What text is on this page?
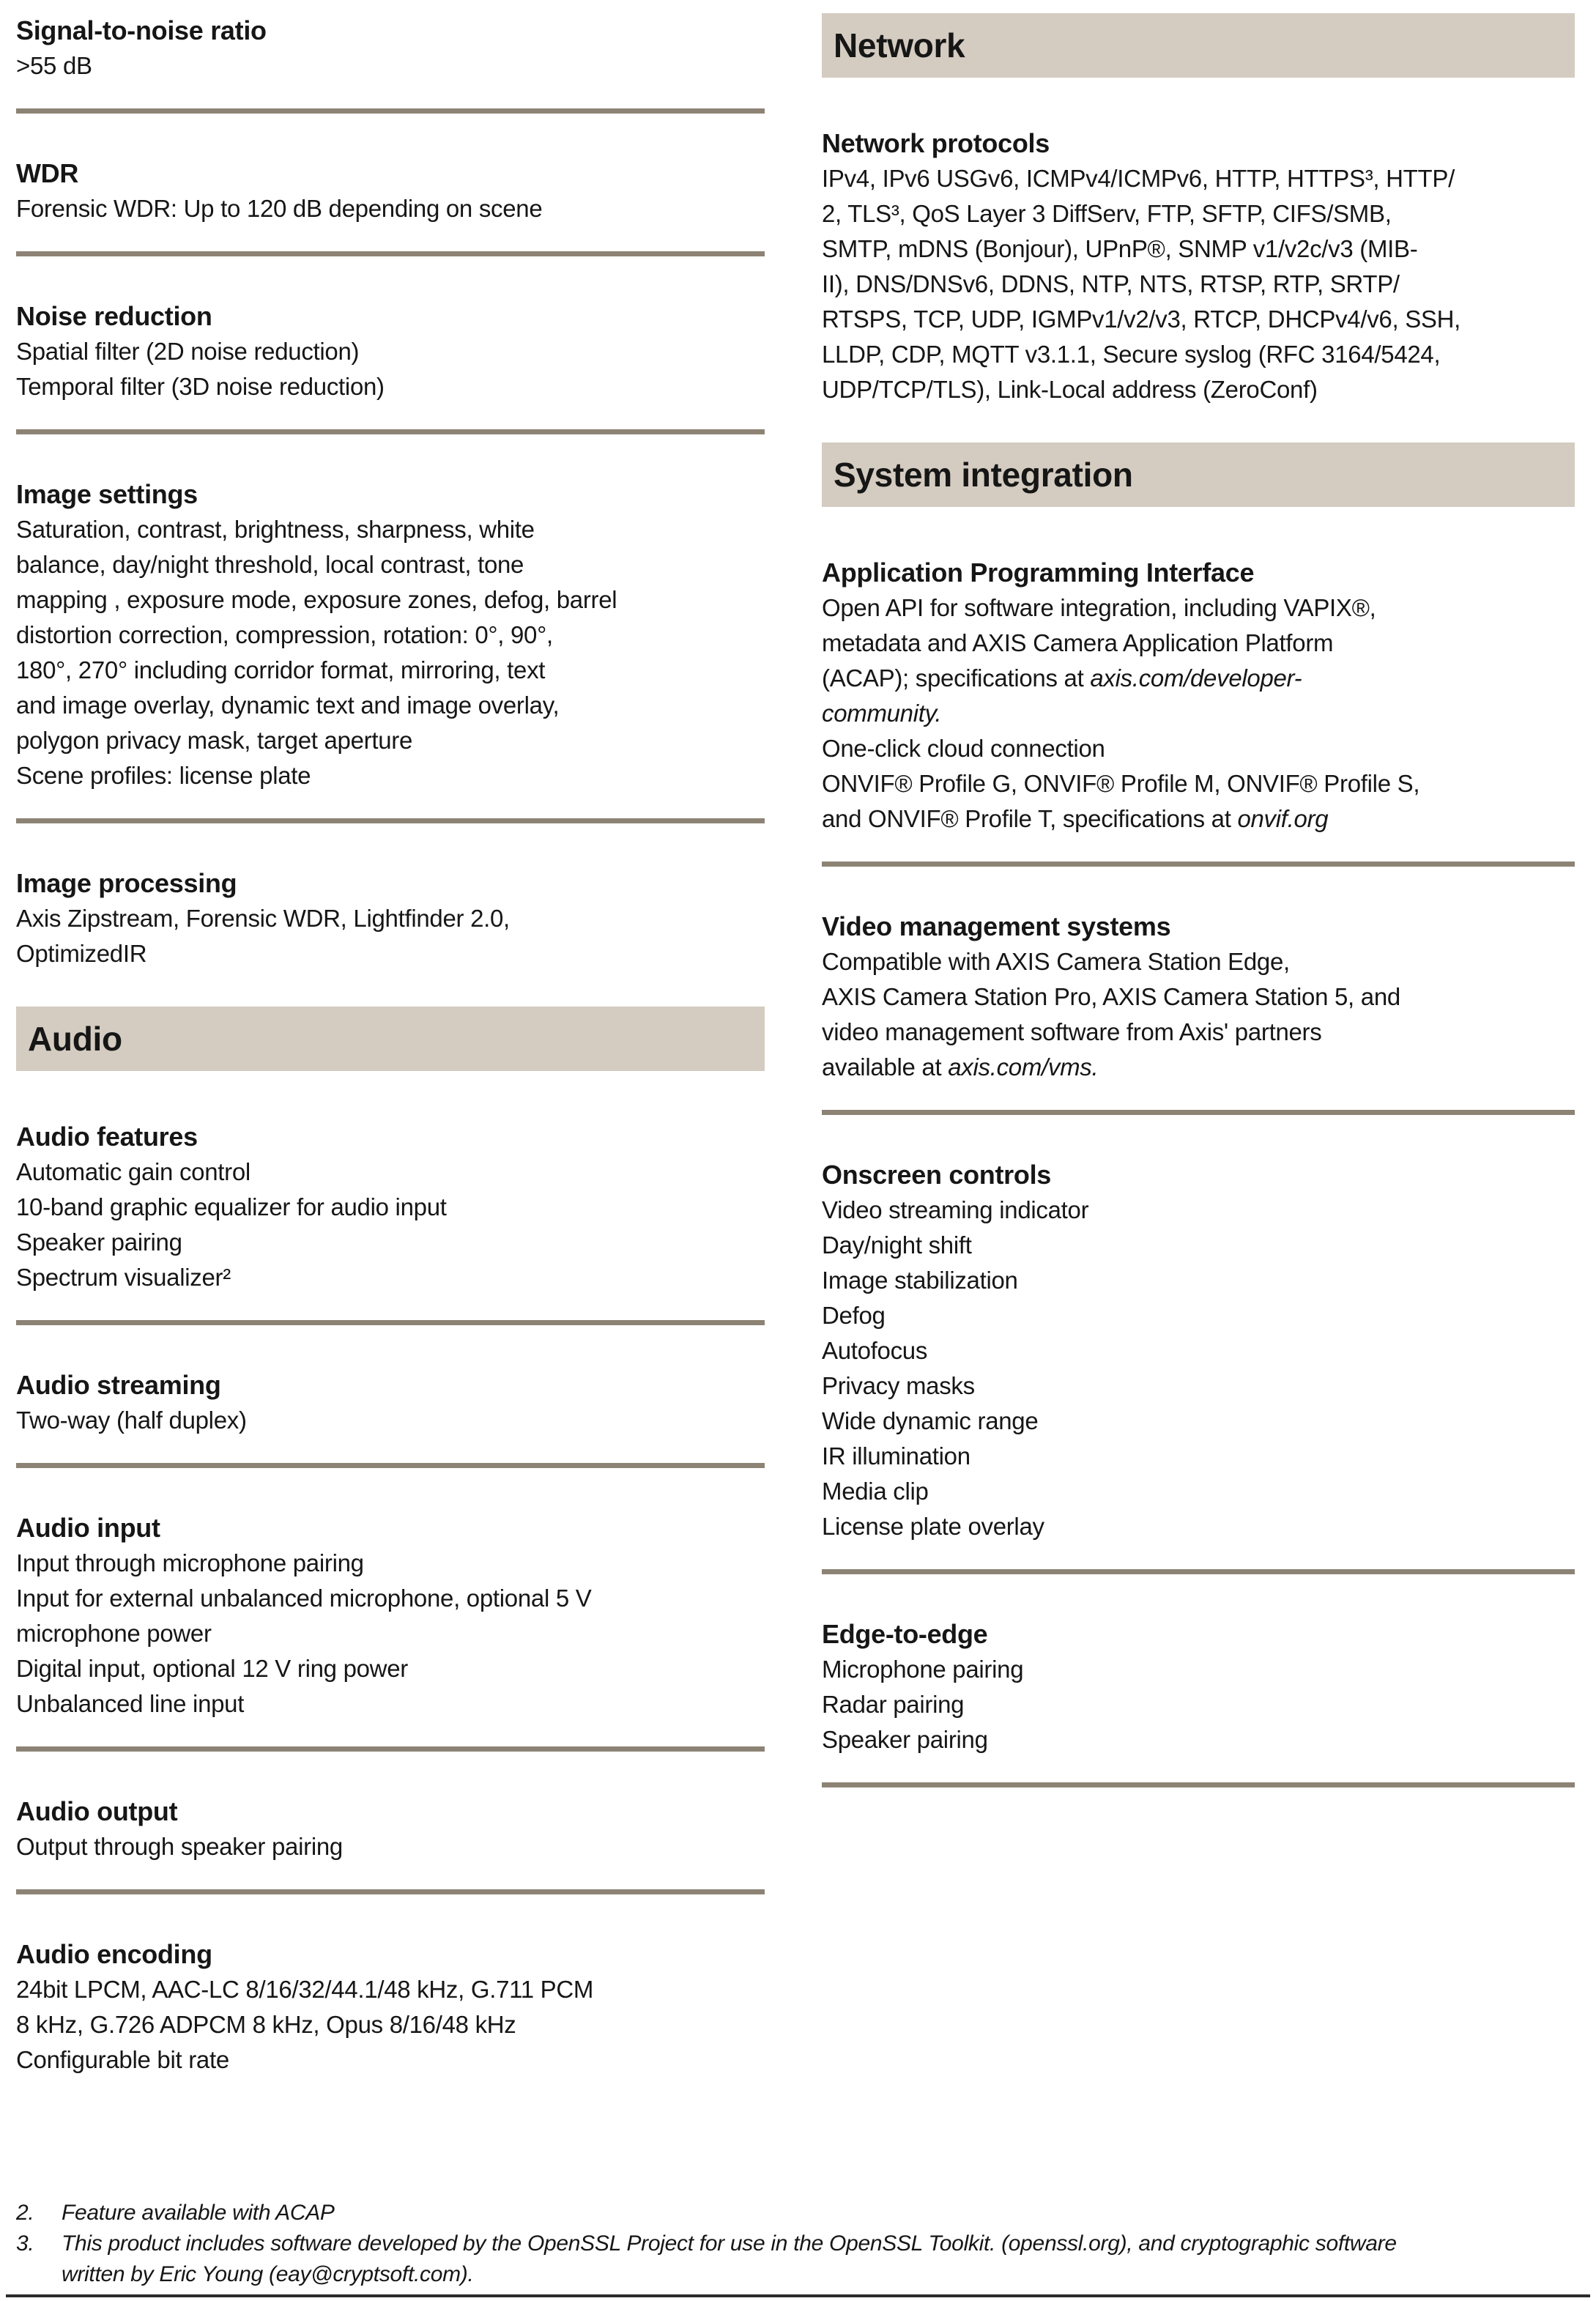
Signal-to-noise ratio
>55 dB
WDR
Forensic WDR: Up to 120 dB depending on scene
Noise reduction
Spatial filter (2D noise reduction)
Temporal filter (3D noise reduction)
Image settings
Saturation, contrast, brightness, sharpness, white
balance, day/night threshold, local contrast, tone
mapping , exposure mode, exposure zones, defog, barrel
distortion correction, compression, rotation: 0°, 90°,
180°, 270° including corridor format, mirroring, text
and image overlay, dynamic text and image overlay,
polygon privacy mask, target aperture
Scene profiles: license plate
Image processing
Axis Zipstream, Forensic WDR, Lightfinder 2.0,
OptimizedIR
Audio
Audio features
Automatic gain control
10-band graphic equalizer for audio input
Speaker pairing
Spectrum visualizer²
Audio streaming
Two-way (half duplex)
Audio input
Input through microphone pairing
Input for external unbalanced microphone, optional 5 V
microphone power
Digital input, optional 12 V ring power
Unbalanced line input
Audio output
Output through speaker pairing
Audio encoding
24bit LPCM, AAC-LC 8/16/32/44.1/48 kHz, G.711 PCM
8 kHz, G.726 ADPCM 8 kHz, Opus 8/16/48 kHz
Configurable bit rate
Network
Network protocols
IPv4, IPv6 USGv6, ICMPv4/ICMPv6, HTTP, HTTPS³, HTTP/
2, TLS³, QoS Layer 3 DiffServ, FTP, SFTP, CIFS/SMB,
SMTP, mDNS (Bonjour), UPnP®, SNMP v1/v2c/v3 (MIB-
II), DNS/DNSv6, DDNS, NTP, NTS, RTSP, RTP, SRTP/
RTSPS, TCP, UDP, IGMPv1/v2/v3, RTCP, DHCPv4/v6, SSH,
LLDP, CDP, MQTT v3.1.1, Secure syslog (RFC 3164/5424,
UDP/TCP/TLS), Link-Local address (ZeroConf)
System integration
Application Programming Interface
Open API for software integration, including VAPIX®,
metadata and AXIS Camera Application Platform
(ACAP); specifications at axis.com/developer-
community.
One-click cloud connection
ONVIF® Profile G, ONVIF® Profile M, ONVIF® Profile S,
and ONVIF® Profile T, specifications at onvif.org
Video management systems
Compatible with AXIS Camera Station Edge,
AXIS Camera Station Pro, AXIS Camera Station 5, and
video management software from Axis' partners
available at axis.com/vms.
Onscreen controls
Video streaming indicator
Day/night shift
Image stabilization
Defog
Autofocus
Privacy masks
Wide dynamic range
IR illumination
Media clip
License plate overlay
Edge-to-edge
Microphone pairing
Radar pairing
Speaker pairing
2.	Feature available with ACAP
3.	This product includes software developed by the OpenSSL Project for use in the OpenSSL Toolkit. (openssl.org), and cryptographic software
written by Eric Young (eay@cryptsoft.com).
